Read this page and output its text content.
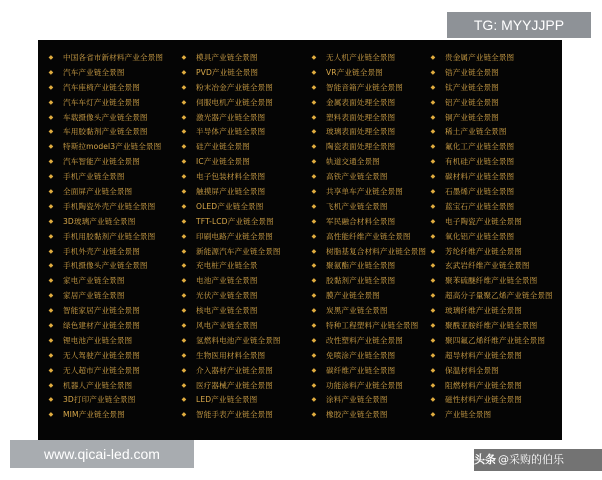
◆ 中国各省市新材料产业全景图
◆ 汽车产业链全景图
◆ 汽车座椅产业链全景图
◆ 汽车车灯产业链全景图
◆ 车载摄像头产业链全景图
◆ 车用胶黏剂产业链全景图
◆ 特斯拉model3产业链全景图
◆ 汽车智能产业链全景图
◆ 手机产业链全景图
◆ 全面屏产业链全景图
◆ 手机陶瓷外壳产业链全景图
◆ 3D玻璃产业链全景图
◆ 手机用胶黏剂产业链全景图
◆ 手机外壳产业链全景图
◆ 手机摄像头产业链全景图
◆ 家电产业链全景图
◆ 家居产业链全景图
◆ 智能家居产业链全景图
◆ 绿色建材产业链全景图
◆ 锂电池产业链全景图
◆ 无人驾驶产业链全景图
◆ 无人超市产业链全景图
◆ 机器人产业链全景图
◆ 3D打印产业链全景图
◆ MIM产业链全景图
◆ 模具产业链全景图
◆ PVD产业链全景图
◆ 粉末冶金产业链全景图
◆ 伺服电机产业链全景图
◆ 激光器产业链全景图
◆ 半导体产业链全景图
◆ 硅产业链全景图
◆ IC产业链全景图
◆ 电子包装材料全景图
◆ 触摸屏产业链全景图
◆ OLED产业链全景图
◆ TFT-LCD产业链全景图
◆ 印刷电路产业链全景图
◆ 新能源汽车产业链全景图
◆ 充电桩产业链全景
◆ 电池产业链全景图
◆ 光伏产业链全景图
◆ 核电产业链全景图
◆ 风电产业链全景图
◆ 氢燃料电池产业链全景图
◆ 生物医用材料全景图
◆ 介入器材产业链全景图
◆ 医疗器械产业链全景图
◆ LED产业链全景图
◆ 智能手表产业链全景图
◆ 无人机产业链全景图
◆ VR产业链全景图
◆ 智能音箱产业链全景图
◆ 金属表面处理全景图
◆ 塑料表面处理全景图
◆ 玻璃表面处理全景图
◆ 陶瓷表面处理全景图
◆ 轨道交通全景图
◆ 高铁产业链全景图
◆ 共享单车产业链全景图
◆ 飞机产业链全景图
◆ 军民融合材料全景图
◆ 高性能纤维产业链全景图
◆ 树脂基复合材料产业链全景图
◆ 聚氨酯产业链全景图
◆ 胶黏剂产业链全景图
◆ 膜产业链全景图
◆ 炭黑产业链全景图
◆ 特种工程塑料产业链全景图
◆ 改性塑料产业链全景图
◆ 免喷涂产业链全景图
◆ 碳纤维产业链全景图
◆ 功能涂料产业链全景图
◆ 涂料产业链全景图
◆ 橡胶产业链全景图
◆ 贵金属产业链全景图
◆ 锆产业链全景图
◆ 钛产业链全景图
◆ 铝产业链全景图
◆ 铜产业链全景图
◆ 稀土产业链全景图
◆ 氟化工产业链全景图
◆ 有机硅产业链全景图
◆ 碳材料产业链全景图
◆ 石墨烯产业链全景图
◆ 蓝宝石产业链全景图
◆ 电子陶瓷产业链全景图
◆ 氧化铝产业链全景图
◆ 芳纶纤维产业链全景图
◆ 玄武岩纤维产业链全景图
◆ 聚苯硫醚纤维产业链全景图
◆ 超高分子量聚乙烯产业链全景图
◆ 玻璃纤维产业链全景图
◆ 聚酰亚胺纤维产业链全景图
◆ 聚四氟乙烯纤维产业链全景图
◆ 超导材料产业链全景图
◆ 保温材料全景图
◆ 阻燃材料产业链全景图
◆ 磁性材料产业链全景图
◆ 产业链全景图
头条 @采购的伯乐
TG: MYYJJPP
www.qicai-led.com
